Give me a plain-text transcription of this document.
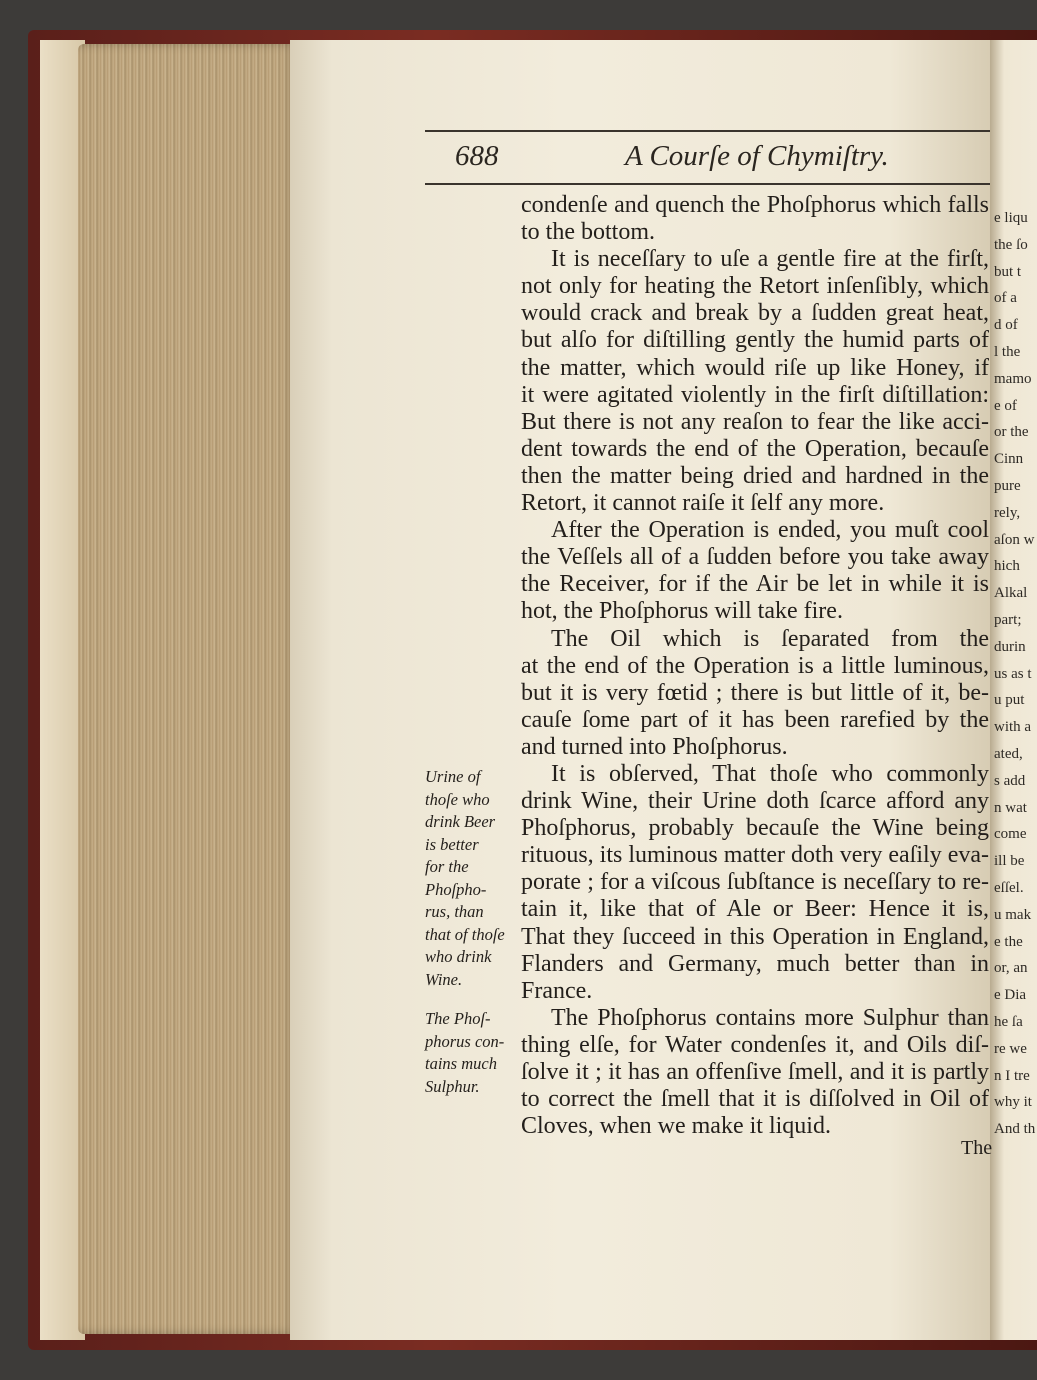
e liqu
the ſo
but t
of a
d of
l the
mamo
e of
or the
Cinn
pure
rely,
aſon w
hich
Alkal
part;
durin
us as t
u put
with a
ated,
s add
n wat
come
ill be
eſſel.
u mak
e the
or, an
e Dia
he ſa
re we
n I tre
why it
And th
688	A Courſe of Chymiſtry.
condenſe and quench the Phoſphorus which falls
to the bottom.
It is neceſſary to uſe a gentle fire at the firſt,
not only for heating the Retort inſenſibly, which
would crack and break by a ſudden great heat,
but alſo for diſtilling gently the humid parts of
the matter, which would riſe up like Honey, if
it were agitated violently in the firſt diſtillation:
But there is not any reaſon to fear the like acci-
dent towards the end of the Operation, becauſe
then the matter being dried and hardned in the
Retort, it cannot raiſe it ſelf any more.
After the Operation is ended, you muſt cool
the Veſſels all of a ſudden before you take away
the Receiver, for if the Air be let in while it is
hot, the Phoſphorus will take fire.
The Oil which is ſeparated from the
at the end of the Operation is a little luminous,
but it is very fœtid ; there is but little of it, be-
cauſe ſome part of it has been rarefied by the
and turned into Phoſphorus.
It is obſerved, That thoſe who commonly
drink Wine, their Urine doth ſcarce afford any
Phoſphorus, probably becauſe the Wine being
rituous, its luminous matter doth very eaſily eva-
porate ; for a viſcous ſubſtance is neceſſary to re-
tain it, like that of Ale or Beer: Hence it is,
That they ſucceed in this Operation in England,
Flanders and Germany, much better than in
France.
The Phoſphorus contains more Sulphur than
thing elſe, for Water condenſes it, and Oils diſ-
ſolve it ; it has an offenſive ſmell, and it is partly
to correct the ſmell that it is diſſolved in Oil of
Cloves, when we make it liquid.
Urine of
thoſe who
drink Beer
is better
for the
Phoſpho-
rus, than
that of thoſe
who drink
Wine.
The Phoſ-
phorus con-
tains much
Sulphur.
The
